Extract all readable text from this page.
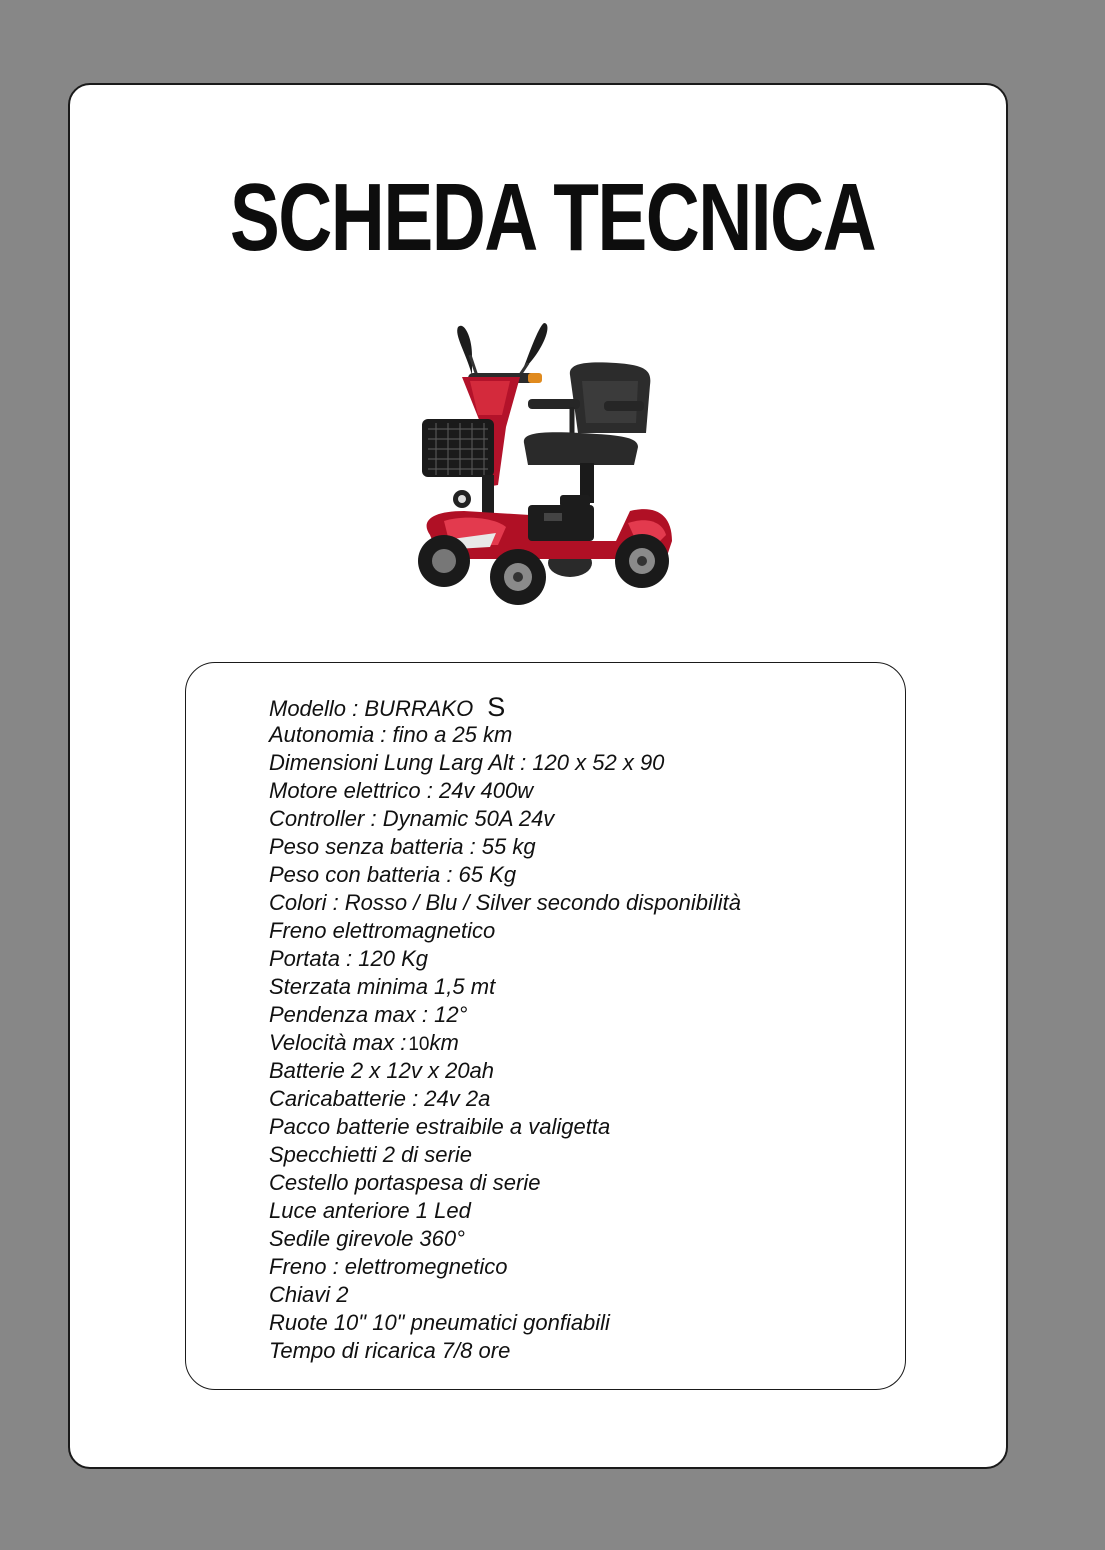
SCHEDA TECNICA
Modello : BURRAKO S
Autonomia : fino a 25 km
Dimensioni Lung Larg Alt : 120 x 52 x 90
Motore elettrico : 24v 400w
Controller : Dynamic 50A 24v
Peso senza batteria : 55 kg
Peso con batteria : 65 Kg
Colori : Rosso / Blu / Silver secondo disponibilità
Freno elettromagnetico
Portata : 120 Kg
Sterzata minima 1,5 mt
Pendenza max : 12°
Velocità max : 10km
Batterie 2 x 12v x 20ah
Caricabatterie : 24v 2a
Pacco batterie estraibile a valigetta
Specchietti 2 di serie
Cestello portaspesa di serie
Luce anteriore 1 Led
Sedile girevole 360°
Freno : elettromegnetico
Chiavi 2
Ruote 10" 10" pneumatici gonfiabili
Tempo di ricarica 7/8 ore
